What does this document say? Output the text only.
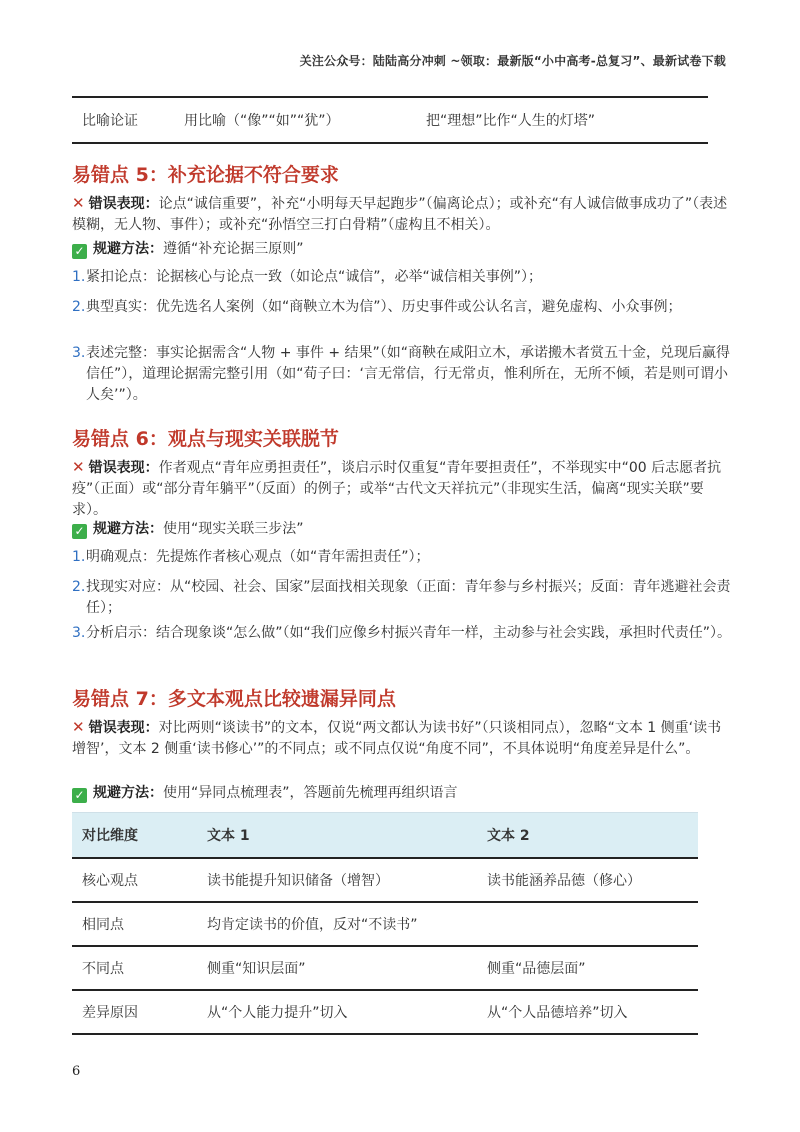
关注公众号：陆陆高分冲刺 ~领取：最新版“小中高考-总复习”、最新试卷下载
比喻论证	用比喻（“像”“如”“犹”）	把“理想”比作“人生的灯塔”
易错点 5：补充论据不符合要求
✕ 错误表现：论点“诚信重要”，补充“小明每天早起跑步”（偏离论点）；或补充“有人诚信做事成功了”（表述模糊，无人物、事件）；或补充“孙悟空三打白骨精”（虚构且不相关）。
✓ 规避方法：遵循“补充论据三原则”
1. 紧扣论点：论据核心与论点一致（如论点“诚信”，必举“诚信相关事例”）；
2. 典型真实：优先选名人案例（如“商鞅立木为信”）、历史事件或公认名言，避免虚构、小众事例；
3. 表述完整：事实论据需含“人物 + 事件 + 结果”（如“商鞅在咸阳立木，承诺搬木者赏五十金，兑现后赢得信任”），道理论据需完整引用（如“荀子曰：‘言无常信，行无常贞，惟利所在，无所不倾，若是则可谓小人矣’”）。
易错点 6：观点与现实关联脱节
✕ 错误表现：作者观点“青年应勇担责任”，谈启示时仅重复“青年要担责任”，不举现实中“00 后志愿者抗疫”（正面）或“部分青年躺平”（反面）的例子；或举“古代文天祥抗元”（非现实生活，偏离“现实关联”要求）。
✓ 规避方法：使用“现实关联三步法”
1. 明确观点：先提炼作者核心观点（如“青年需担责任”）；
2. 找现实对应：从“校园、社会、国家”层面找相关现象（正面：青年参与乡村振兴；反面：青年逃避社会责任）；
3. 分析启示：结合现象谈“怎么做”（如“我们应像乡村振兴青年一样，主动参与社会实践，承担时代责任”）。
易错点 7：多文本观点比较遗漏异同点
✕ 错误表现：对比两则“谈读书”的文本，仅说“两文都认为读书好”（只谈相同点），忽略“文本 1 侧重‘读书增智’，文本 2 侧重‘读书修心’”的不同点；或不同点仅说“角度不同”，不具体说明“角度差异是什么”。
✓ 规避方法：使用“异同点梳理表”，答题前先梳理再组织语言
对比维度	文本 1	文本 2
核心观点	读书能提升知识储备（增智）	读书能涵养品德（修心）
相同点	均肯定读书的价值，反对“不读书”	
不同点	侧重“知识层面”	侧重“品德层面”
差异原因	从“个人能力提升”切入	从“个人品德培养”切入
6
